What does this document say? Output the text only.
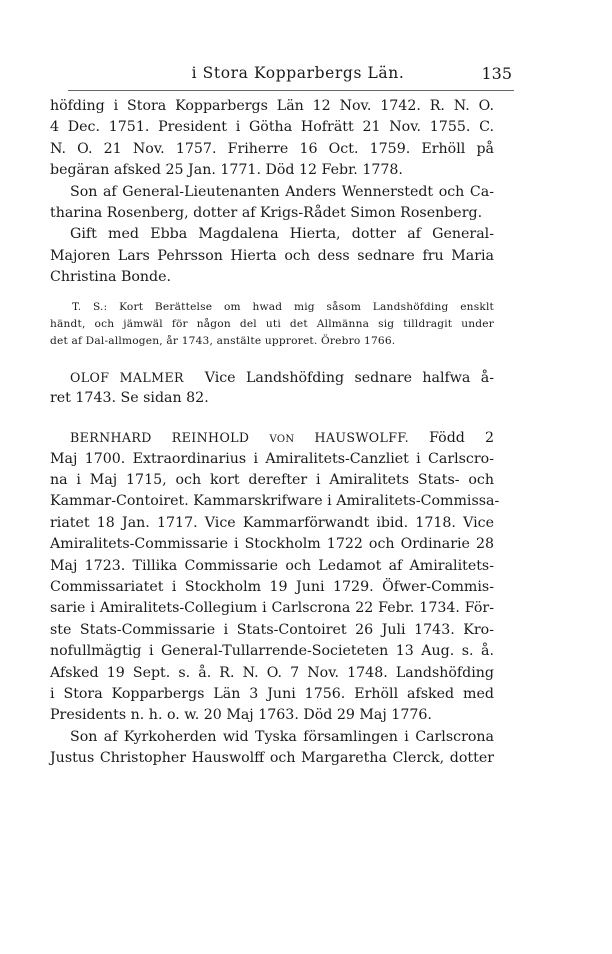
i Stora Kopparbergs Län.	135
höfding i Stora Kopparbergs Län 12 Nov. 1742. R. N. O.
4 Dec. 1751. President i Götha Hofrätt 21 Nov. 1755. C.
N. O. 21 Nov. 1757. Friherre 16 Oct. 1759. Erhöll på
begäran afsked 25 Jan. 1771. Död 12 Febr. 1778.
Son af General-Lieutenanten Anders Wennerstedt och Ca-
tharina Rosenberg, dotter af Krigs-Rådet Simon Rosenberg.
Gift med Ebba Magdalena Hierta, dotter af General-
Majoren Lars Pehrsson Hierta och dess sednare fru Maria
Christina Bonde.
T. S.: Kort Berättelse om hwad mig såsom Landshöfding ensklt
händt, och jämwäl för någon del uti det Allmänna sig tilldragit under
det af Dal-allmogen, år 1743, anstälte upproret. Örebro 1766.
OLOF MALMER Vice Landshöfding sednare halfwa å-
ret 1743. Se sidan 82.
BERNHARD REINHOLD VON HAUSWOLFF. Född 2
Maj 1700. Extraordinarius i Amiralitets-Canzliet i Carlscro-
na i Maj 1715, och kort derefter i Amiralitets Stats- och
Kammar-Contoiret. Kammarskrifware i Amiralitets-Commissa-
riatet 18 Jan. 1717. Vice Kammarförwandt ibid. 1718. Vice
Amiralitets-Commissarie i Stockholm 1722 och Ordinarie 28
Maj 1723. Tillika Commissarie och Ledamot af Amiralitets-
Commissariatet i Stockholm 19 Juni 1729. Öfwer-Commis-
sarie i Amiralitets-Collegium i Carlscrona 22 Febr. 1734. För-
ste Stats-Commissarie i Stats-Contoiret 26 Juli 1743. Kro-
nofullmägtig i General-Tullarrende-Societeten 13 Aug. s. å.
Afsked 19 Sept. s. å. R. N. O. 7 Nov. 1748. Landshöfding
i Stora Kopparbergs Län 3 Juni 1756. Erhöll afsked med
Presidents n. h. o. w. 20 Maj 1763. Död 29 Maj 1776.
Son af Kyrkoherden wid Tyska församlingen i Carlscrona
Justus Christopher Hauswolff och Margaretha Clerck, dotter
